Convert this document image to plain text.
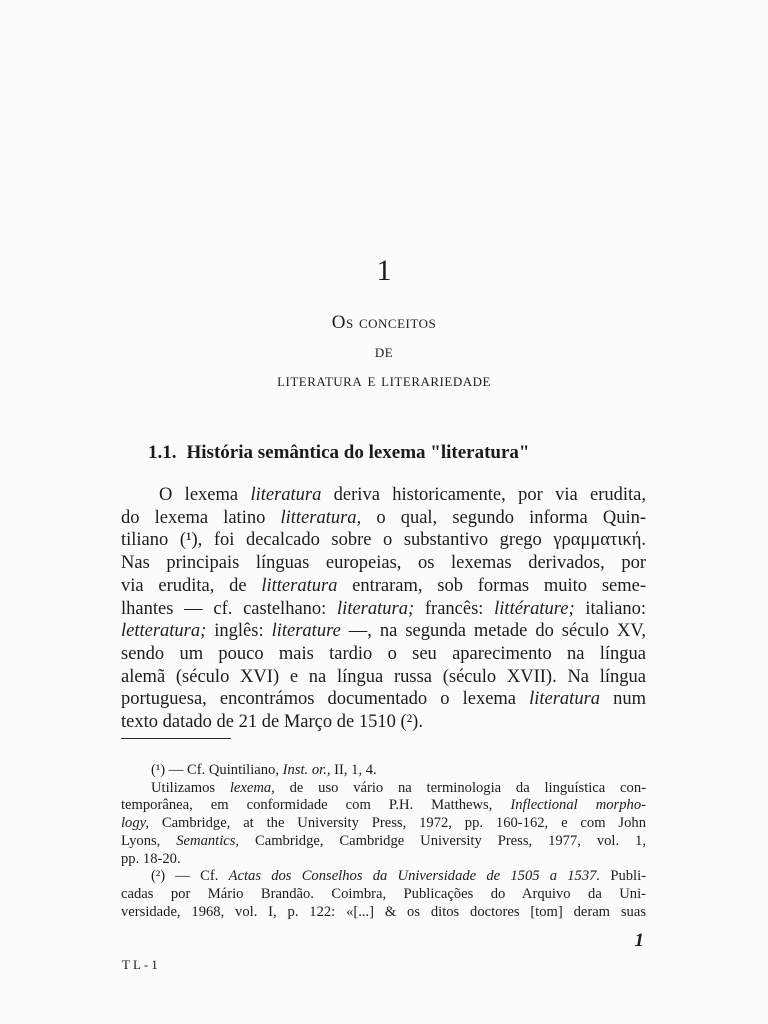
1
Os conceitos
de
literatura e literariedade
1.1. História semântica do lexema "literatura"
O lexema literatura deriva historicamente, por via erudita,
do lexema latino litteratura, o qual, segundo informa Quin-
tiliano (¹), foi decalcado sobre o substantivo grego γραμματική.
Nas principais línguas europeias, os lexemas derivados, por
via erudita, de litteratura entraram, sob formas muito seme-
lhantes — cf. castelhano: literatura; francês: littérature; italiano:
letteratura; inglês: literature —, na segunda metade do século XV,
sendo um pouco mais tardio o seu aparecimento na língua
alemã (século XVI) e na língua russa (século XVII). Na língua
portuguesa, encontrámos documentado o lexema literatura num
texto datado de 21 de Março de 1510 (²).
(¹) — Cf. Quintiliano, Inst. or., II, 1, 4.
Utilizamos lexema, de uso vário na terminologia da linguística con-
temporânea, em conformidade com P.H. Matthews, Inflectional morpho-
logy, Cambridge, at the University Press, 1972, pp. 160-162, e com John
Lyons, Semantics, Cambridge, Cambridge University Press, 1977, vol. 1,
pp. 18-20.
(²) — Cf. Actas dos Conselhos da Universidade de 1505 a 1537. Publi-
cadas por Mário Brandão. Coimbra, Publicações do Arquivo da Uni-
versidade, 1968, vol. I, p. 122: «[...] & os ditos doctores [tom] deram suas
1
TL-1
